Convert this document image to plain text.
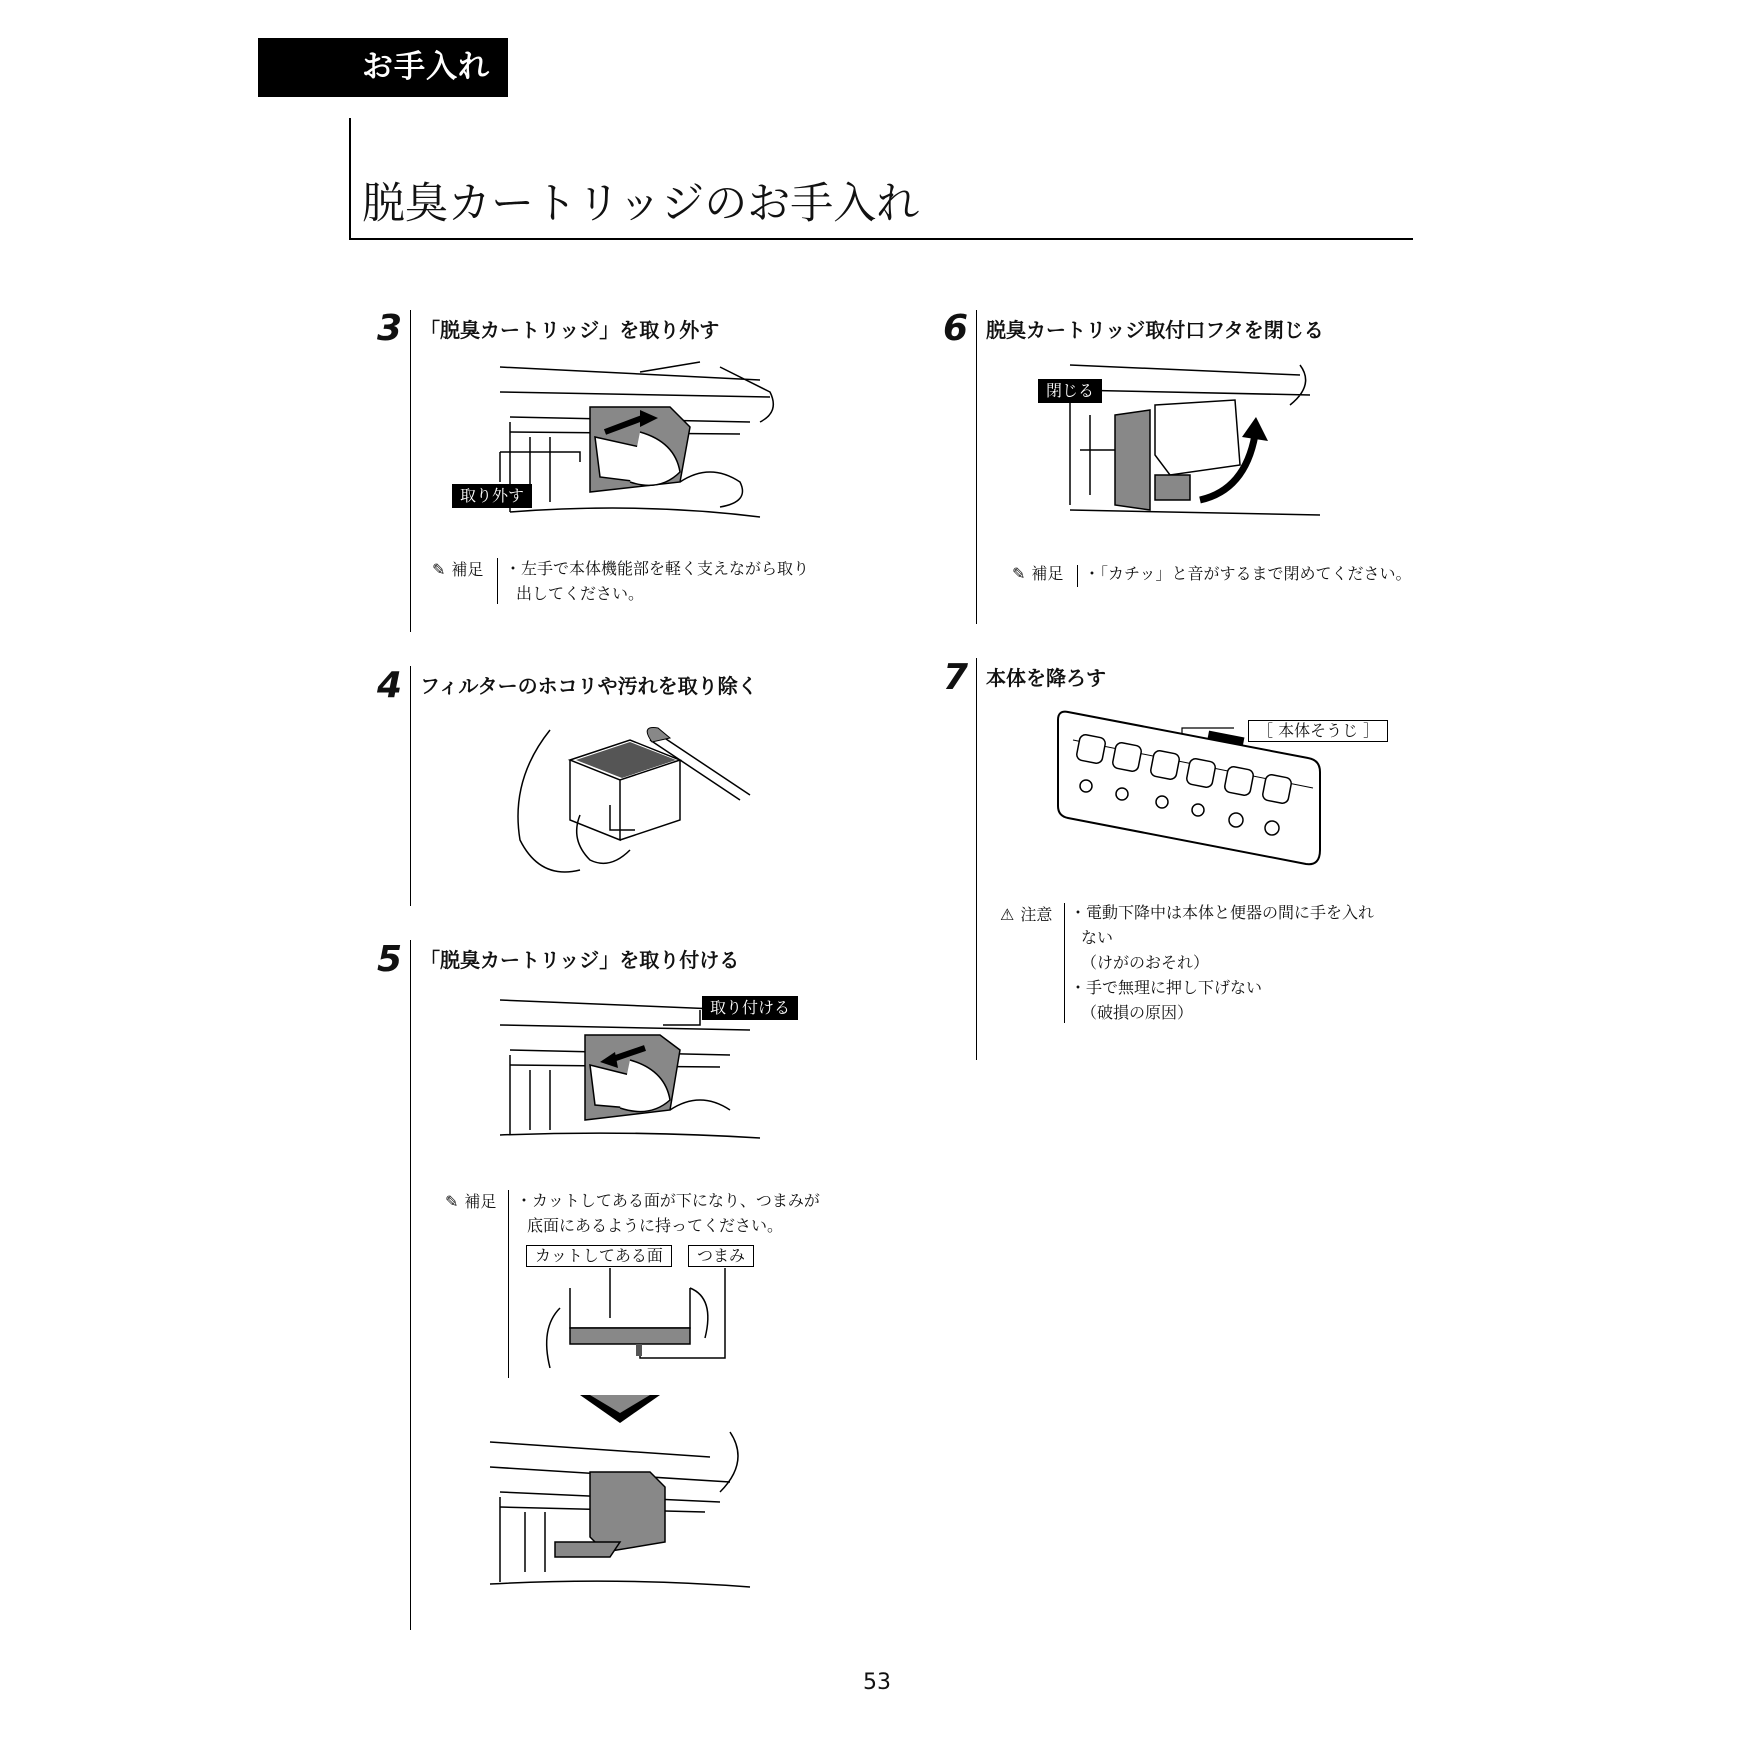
お手入れ
脱臭カートリッジのお手入れ
3 「脱臭カートリッジ」を取り外す
取り外す
✎ 補足 ・左手で本体機能部を軽く支えながら取り
出してください。
4 フィルターのホコリや汚れを取り除く
5 「脱臭カートリッジ」を取り付ける
取り付ける
✎ 補足 ・カットしてある面が下になり、つまみが
底面にあるように持ってください。
カットしてある面	つまみ
6 脱臭カートリッジ取付口フタを閉じる
閉じる
✎ 補足 ・「カチッ」と音がするまで閉めてください。
7 本体を降ろす
［ 本体そうじ ］
⚠ 注意 ・電動下降中は本体と便器の間に手を入れ
ない
（けがのおそれ）
・手で無理に押し下げない
（破損の原因）
53
